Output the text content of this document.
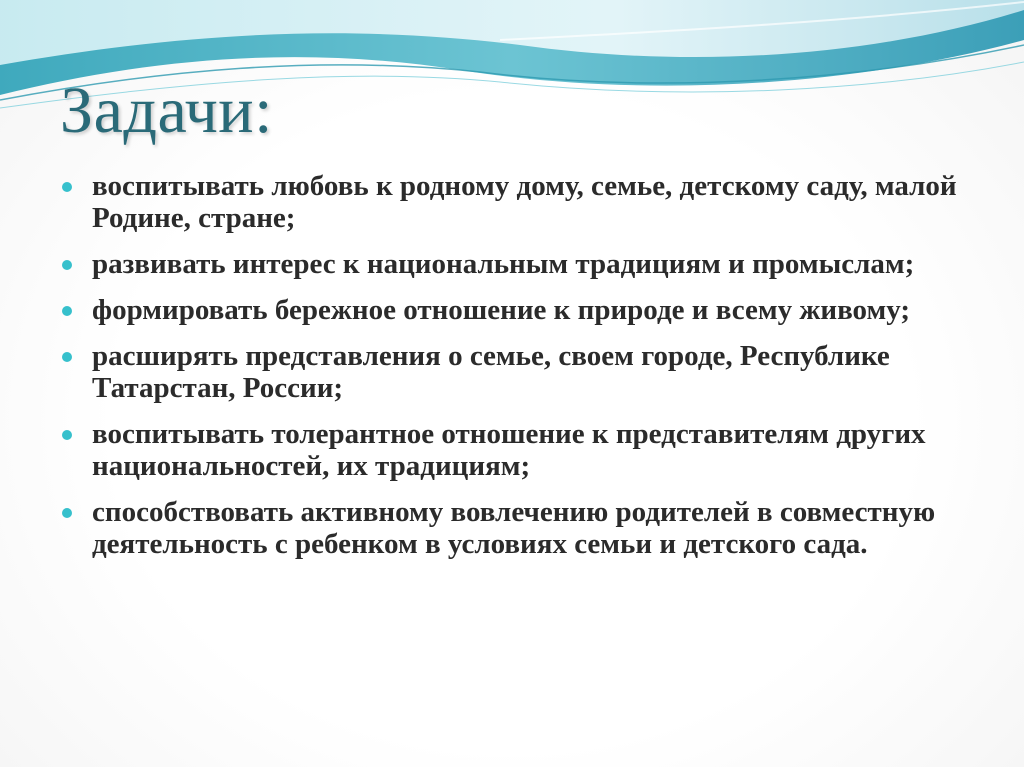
Задачи:
воспитывать любовь к родному дому, семье, детскому саду, малой Родине, стране;
развивать интерес к национальным традициям и промыслам;
формировать бережное отношение к природе и всему живому;
расширять представления о семье, своем городе, Республике Татарстан, России;
воспитывать толерантное отношение к представителям других национальностей, их традициям;
способствовать активному вовлечению родителей в совместную деятельность с ребенком в условиях семьи и детского сада.
